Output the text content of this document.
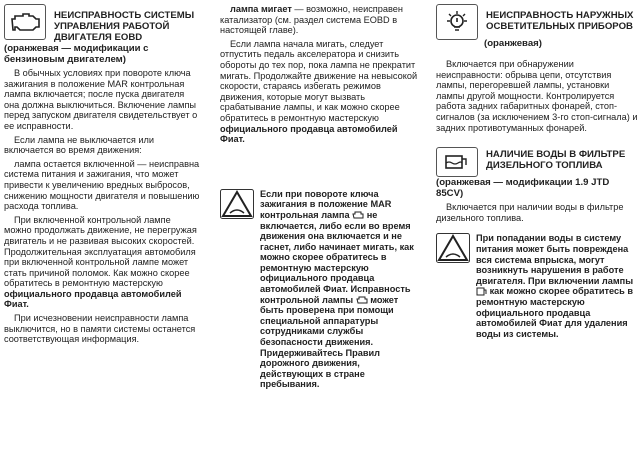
НЕИСПРАВНОСТЬ СИСТЕМЫ УПРАВЛЕНИЯ РАБОТОЙ ДВИГАТЕЛЯ EOBD

(оранжевая — модификации с бензиновым двигателем)

В обычных условиях при повороте ключа зажигания в положение MAR контрольная лампа включается; после пуска двигателя она должна выключиться. Включение лампы перед запуском двигателя свидетельствует о ее исправности.

Если лампа не выключается или включается во время движения:

лампа остается включенной — неисправна система питания и зажигания, что может привести к увеличению вредных выбросов, снижению мощности двигателя и повышению расхода топлива.

При включенной контрольной лампе можно продолжать движение, не перегружая двигатель и не развивая высоких скоростей. Продолжительная эксплуатация автомобиля при включенной контрольной лампе может стать причиной поломок. Как можно скорее обратитесь в ремонтную мастерскую официального продавца автомобилей Фиат.

При исчезновении неисправности лампа выключится, но в памяти системы останется соответствующая информация.

лампа мигает — возможно, неисправен катализатор (см. раздел система EOBD в настоящей главе).

Если лампа начала мигать, следует отпустить педаль акселератора и снизить обороты до тех пор, пока лампа не прекратит мигать. Продолжайте движение на невысокой скорости, стараясь избегать режимов движения, которые могут вызвать срабатывание лампы, и как можно скорее обратитесь в ремонтную мастерскую официального продавца автомобилей Фиат.

Если при повороте ключа зажигания в положение MAR контрольная лампа не включается, либо если во время движения она включается и не гаснет, либо начинает мигать, как можно скорее обратитесь в ремонтную мастерскую официального продавца автомобилей Фиат. Исправность контрольной лампы может быть проверена при помощи специальной аппаратуры сотрудниками службы безопасности движения. Придерживайтесь Правил дорожного движения, действующих в стране пребывания.

НЕИСПРАВНОСТЬ НАРУЖНЫХ ОСВЕТИТЕЛЬНЫХ ПРИБОРОВ

(оранжевая)

Включается при обнаружении неисправности: обрыва цепи, отсутствия лампы, перегоревшей лампы, установки лампы другой мощности. Контролируется работа задних габаритных фонарей, стоп-сигналов (за исключением 3-го стоп-сигнала) и задних противотуманных фонарей.

НАЛИЧИЕ ВОДЫ В ФИЛЬТРЕ ДИЗЕЛЬНОГО ТОПЛИВА

(оранжевая — модификации 1.9 JTD 85CV)

Включается при наличии воды в фильтре дизельного топлива.

При попадании воды в систему питания может быть повреждена вся система впрыска, могут возникнуть нарушения в работе двигателя. При включении лампы  как можно скорее обратитесь в ремонтную мастерскую официального продавца автомобилей Фиат для удаления воды из системы.
